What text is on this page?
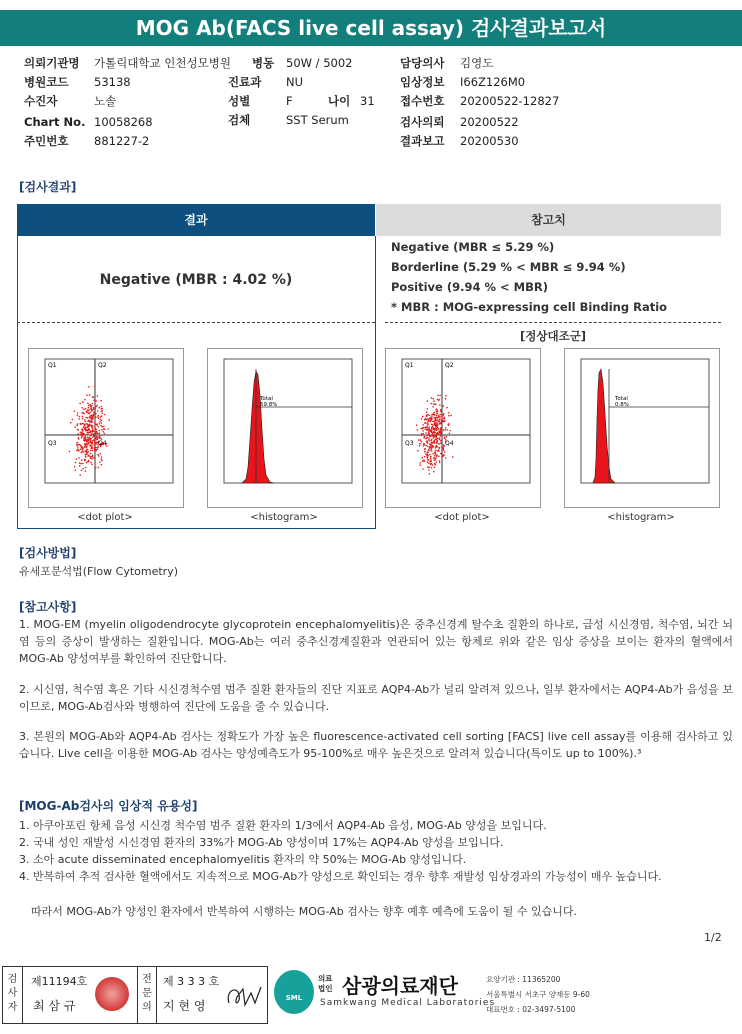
MOG Ab(FACS live cell assay) 검사결과보고서
의뢰기관명 가톨릭대학교 인천성모병원 병동 50W / 5002	담당의사 김영도
병원코드 53138	진료과 NU	임상정보 I66Z126M0
수진자	노솔	성별	F	나이 31 접수번호 20200522-12827
Chart No. 10058268	검체	SST Serum	검사의뢰 20200522
주민번호 881227-2	결과보고 20200530
[검사결과]
결과	참고치
Negative (MBR : 4.02 %)
Negative (MBR ≤ 5.29 %)
Borderline (5.29 % < MBR ≤ 9.94 %)
Positive (9.94 % < MBR)
* MBR : MOG-expressing cell Binding Ratio
[정상대조군]
Q1	Q2
Q3	Q4
<dot plot>
Total
59.8%
<histogram>
Q1	Q2
Q3	Q4
<dot plot>
Total
0.8%
<histogram>
[검사방법]
유세포분석법(Flow Cytometry)
[참고사항]
1. MOG-EM (myelin oligodendrocyte glycoprotein encephalomyelitis)은 중추신경계 탈수초 질환의 하나로, 급성 시신경염, 척수염, 뇌간 뇌염 등의 증상이 발생하는 질환입니다. MOG-Ab는 여러 중추신경계질환과 연관되어 있는 항체로 위와 같은 임상 증상을 보이는 환자의 혈액에서 MOG-Ab 양성여부를 확인하여 진단합니다.
2. 시신염, 척수염 혹은 기타 시신경척수염 범주 질환 환자들의 진단 지표로 AQP4-Ab가 널리 알려져 있으나, 일부 환자에서는 AQP4-Ab가 음성을 보이므로, MOG-Ab검사와 병행하여 진단에 도움을 줄 수 있습니다.
3. 본원의 MOG-Ab와 AQP4-Ab 검사는 정확도가 가장 높은 fluorescence-activated cell sorting [FACS] live cell assay를 이용해 검사하고 있습니다. Live cell을 이용한 MOG-Ab 검사는 양성예측도가 95-100%로 매우 높은것으로 알려져 있습니다(특이도 up to 100%).³
[MOG-Ab검사의 임상적 유용성]
1. 아쿠아포린 항체 음성 시신경 척수염 범주 질환 환자의 1/3에서 AQP4-Ab 음성, MOG-Ab 양성을 보입니다.
2. 국내 성인 재발성 시신경염 환자의 33%가 MOG-Ab 양성이며 17%는 AQP4-Ab 양성을 보입니다.
3. 소아 acute disseminated encephalomyelitis 환자의 약 50%는 MOG-Ab 양성입니다.
4. 반복하여 추적 검사한 혈액에서도 지속적으로 MOG-Ab가 양성으로 확인되는 경우 향후 재발성 임상경과의 가능성이 매우 높습니다.
따라서 MOG-Ab가 양성인 환자에서 반복하여 시행하는 MOG-Ab 검사는 향후 예후 예측에 도움이 될 수 있습니다.
1/2
검사자
제11194호
최 삼 규
전문의
제 3 3 3 호
지 현 영
SML
의료
법인 삼광의료재단
Samkwang Medical Laboratories
요양기관 : 11365200
서울특별시 서초구 양재동 9-60
대표번호 : 02-3497-5100
